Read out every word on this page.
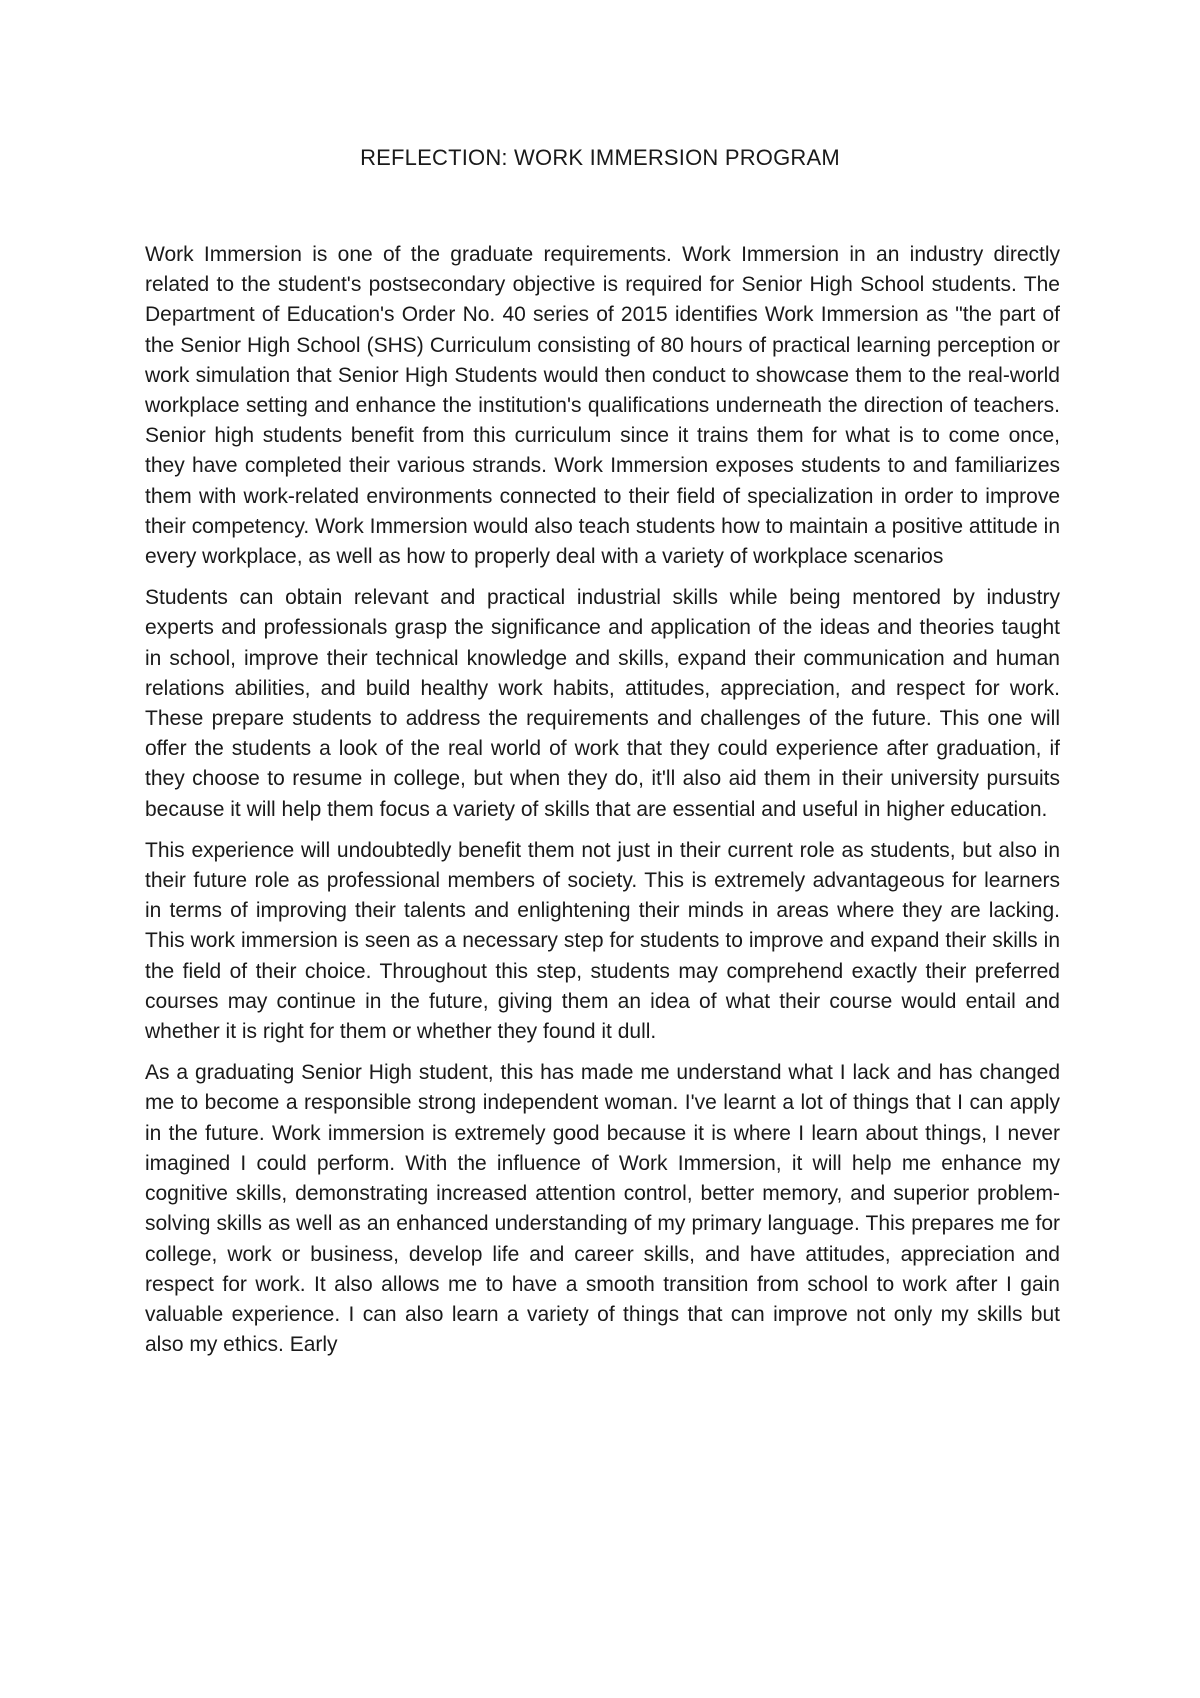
REFLECTION: WORK IMMERSION PROGRAM

Work Immersion is one of the graduate requirements. Work Immersion in an industry directly related to the student's postsecondary objective is required for Senior High School students. The Department of Education's Order No. 40 series of 2015 identifies Work Immersion as "the part of the Senior High School (SHS) Curriculum consisting of 80 hours of practical learning perception or work simulation that Senior High Students would then conduct to showcase them to the real-world workplace setting and enhance the institution's qualifications underneath the direction of teachers. Senior high students benefit from this curriculum since it trains them for what is to come once, they have completed their various strands. Work Immersion exposes students to and familiarizes them with work-related environments connected to their field of specialization in order to improve their competency. Work Immersion would also teach students how to maintain a positive attitude in every workplace, as well as how to properly deal with a variety of workplace scenarios

Students can obtain relevant and practical industrial skills while being mentored by industry experts and professionals grasp the significance and application of the ideas and theories taught in school, improve their technical knowledge and skills, expand their communication and human relations abilities, and build healthy work habits, attitudes, appreciation, and respect for work. These prepare students to address the requirements and challenges of the future. This one will offer the students a look of the real world of work that they could experience after graduation, if they choose to resume in college, but when they do, it'll also aid them in their university pursuits because it will help them focus a variety of skills that are essential and useful in higher education.

This experience will undoubtedly benefit them not just in their current role as students, but also in their future role as professional members of society. This is extremely advantageous for learners in terms of improving their talents and enlightening their minds in areas where they are lacking. This work immersion is seen as a necessary step for students to improve and expand their skills in the field of their choice. Throughout this step, students may comprehend exactly their preferred courses may continue in the future, giving them an idea of what their course would entail and whether it is right for them or whether they found it dull.

As a graduating Senior High student, this has made me understand what I lack and has changed me to become a responsible strong independent woman. I've learnt a lot of things that I can apply in the future. Work immersion is extremely good because it is where I learn about things, I never imagined I could perform. With the influence of Work Immersion, it will help me enhance my cognitive skills, demonstrating increased attention control, better memory, and superior problem-solving skills as well as an enhanced understanding of my primary language. This prepares me for college, work or business, develop life and career skills, and have attitudes, appreciation and respect for work. It also allows me to have a smooth transition from school to work after I gain valuable experience. I can also learn a variety of things that can improve not only my skills but also my ethics. Early
